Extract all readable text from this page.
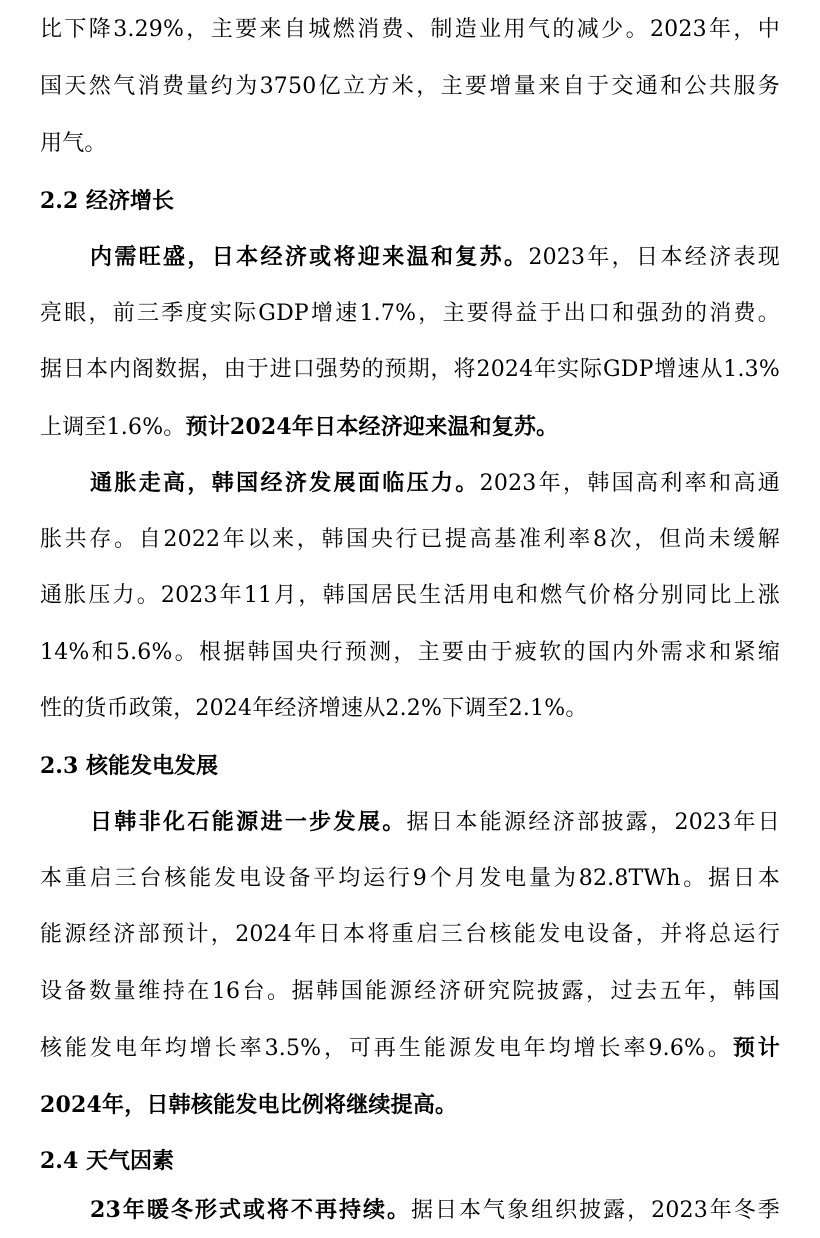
比下降3.29%，主要来自城燃消费、制造业用气的减少。2023年，中
国天然气消费量约为3750亿立方米，主要增量来自于交通和公共服务
用气。
2.2 经济增长
内需旺盛，日本经济或将迎来温和复苏。2023年，日本经济表现
亮眼，前三季度实际GDP增速1.7%，主要得益于出口和强劲的消费。
据日本内阁数据，由于进口强势的预期，将2024年实际GDP增速从1.3%
上调至1.6%。预计2024年日本经济迎来温和复苏。
通胀走高，韩国经济发展面临压力。2023年，韩国高利率和高通
胀共存。自2022年以来，韩国央行已提高基准利率8次，但尚未缓解
通胀压力。2023年11月，韩国居民生活用电和燃气价格分别同比上涨
14%和5.6%。根据韩国央行预测，主要由于疲软的国内外需求和紧缩
性的货币政策，2024年经济增速从2.2%下调至2.1%。
2.3 核能发电发展
日韩非化石能源进一步发展。据日本能源经济部披露，2023年日
本重启三台核能发电设备平均运行9个月发电量为82.8TWh。据日本
能源经济部预计，2024年日本将重启三台核能发电设备，并将总运行
设备数量维持在16台。据韩国能源经济研究院披露，过去五年，韩国
核能发电年均增长率3.5%，可再生能源发电年均增长率9.6%。预计
2024年，日韩核能发电比例将继续提高。
2.4 天气因素
23年暖冬形式或将不再持续。据日本气象组织披露，2023年冬季
